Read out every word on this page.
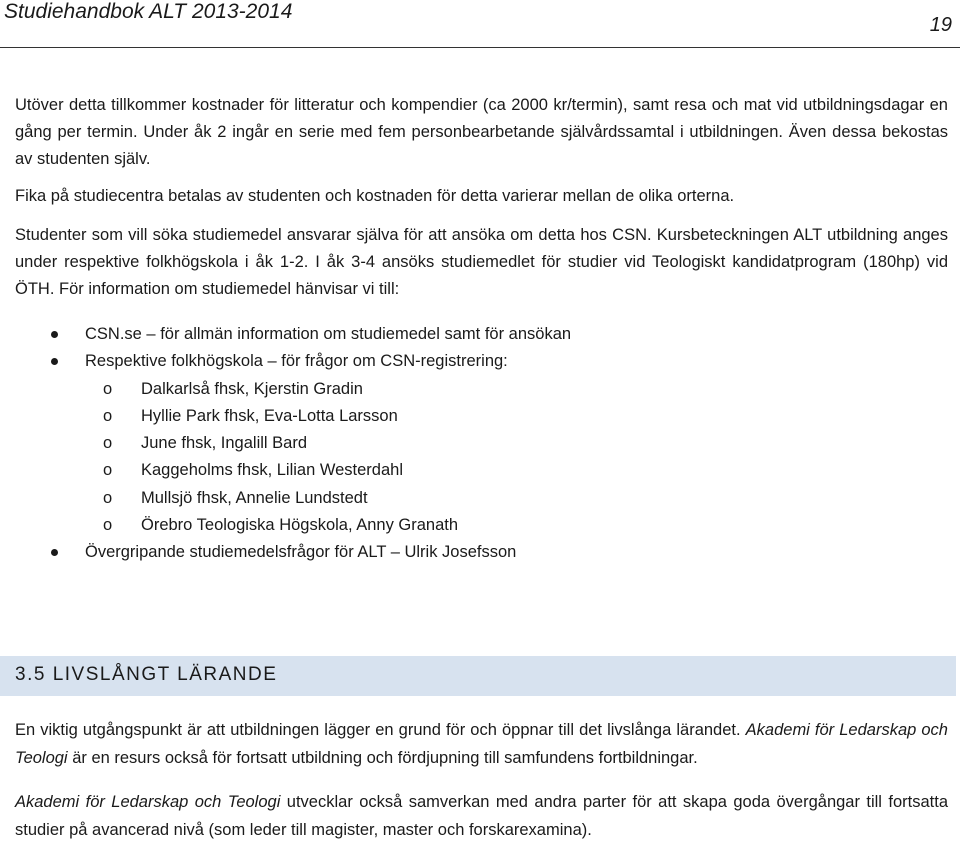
Studiehandbok ALT 2013-2014
19

Utöver detta tillkommer kostnader för litteratur och kompendier (ca 2000 kr/termin), samt resa och mat vid utbildningsdagar en gång per termin. Under åk 2 ingår en serie med fem personbearbetande självårdssamtal i utbildningen. Även dessa bekostas av studenten själv.

Fika på studiecentra betalas av studenten och kostnaden för detta varierar mellan de olika orterna.

Studenter som vill söka studiemedel ansvarar själva för att ansöka om detta hos CSN. Kursbeteckningen ALT utbildning anges under respektive folkhögskola i åk 1-2. I åk 3-4 ansöks studiemedlet för studier vid Teologiskt kandidatprogram (180hp) vid ÖTH. För information om studiemedel hänvisar vi till:

CSN.se – för allmän information om studiemedel samt för ansökan
Respektive folkhögskola – för frågor om CSN-registrering:
o Dalkarlså fhsk, Kjerstin Gradin
o Hyllie Park fhsk, Eva-Lotta Larsson
o June fhsk, Ingalill Bard
o Kaggeholms fhsk, Lilian Westerdahl
o Mullsjö fhsk, Annelie Lundstedt
o Örebro Teologiska Högskola, Anny Granath
Övergripande studiemedelsfrågor för ALT – Ulrik Josefsson
3.5 LIVSLÅNGT LÄRANDE

En viktig utgångspunkt är att utbildningen lägger en grund för och öppnar till det livslånga lärandet. Akademi för Ledarskap och Teologi är en resurs också för fortsatt utbildning och fördjupning till samfundens fortbildningar.

Akademi för Ledarskap och Teologi utvecklar också samverkan med andra parter för att skapa goda övergångar till fortsatta studier på avancerad nivå (som leder till magister, master och forskarexamina).
